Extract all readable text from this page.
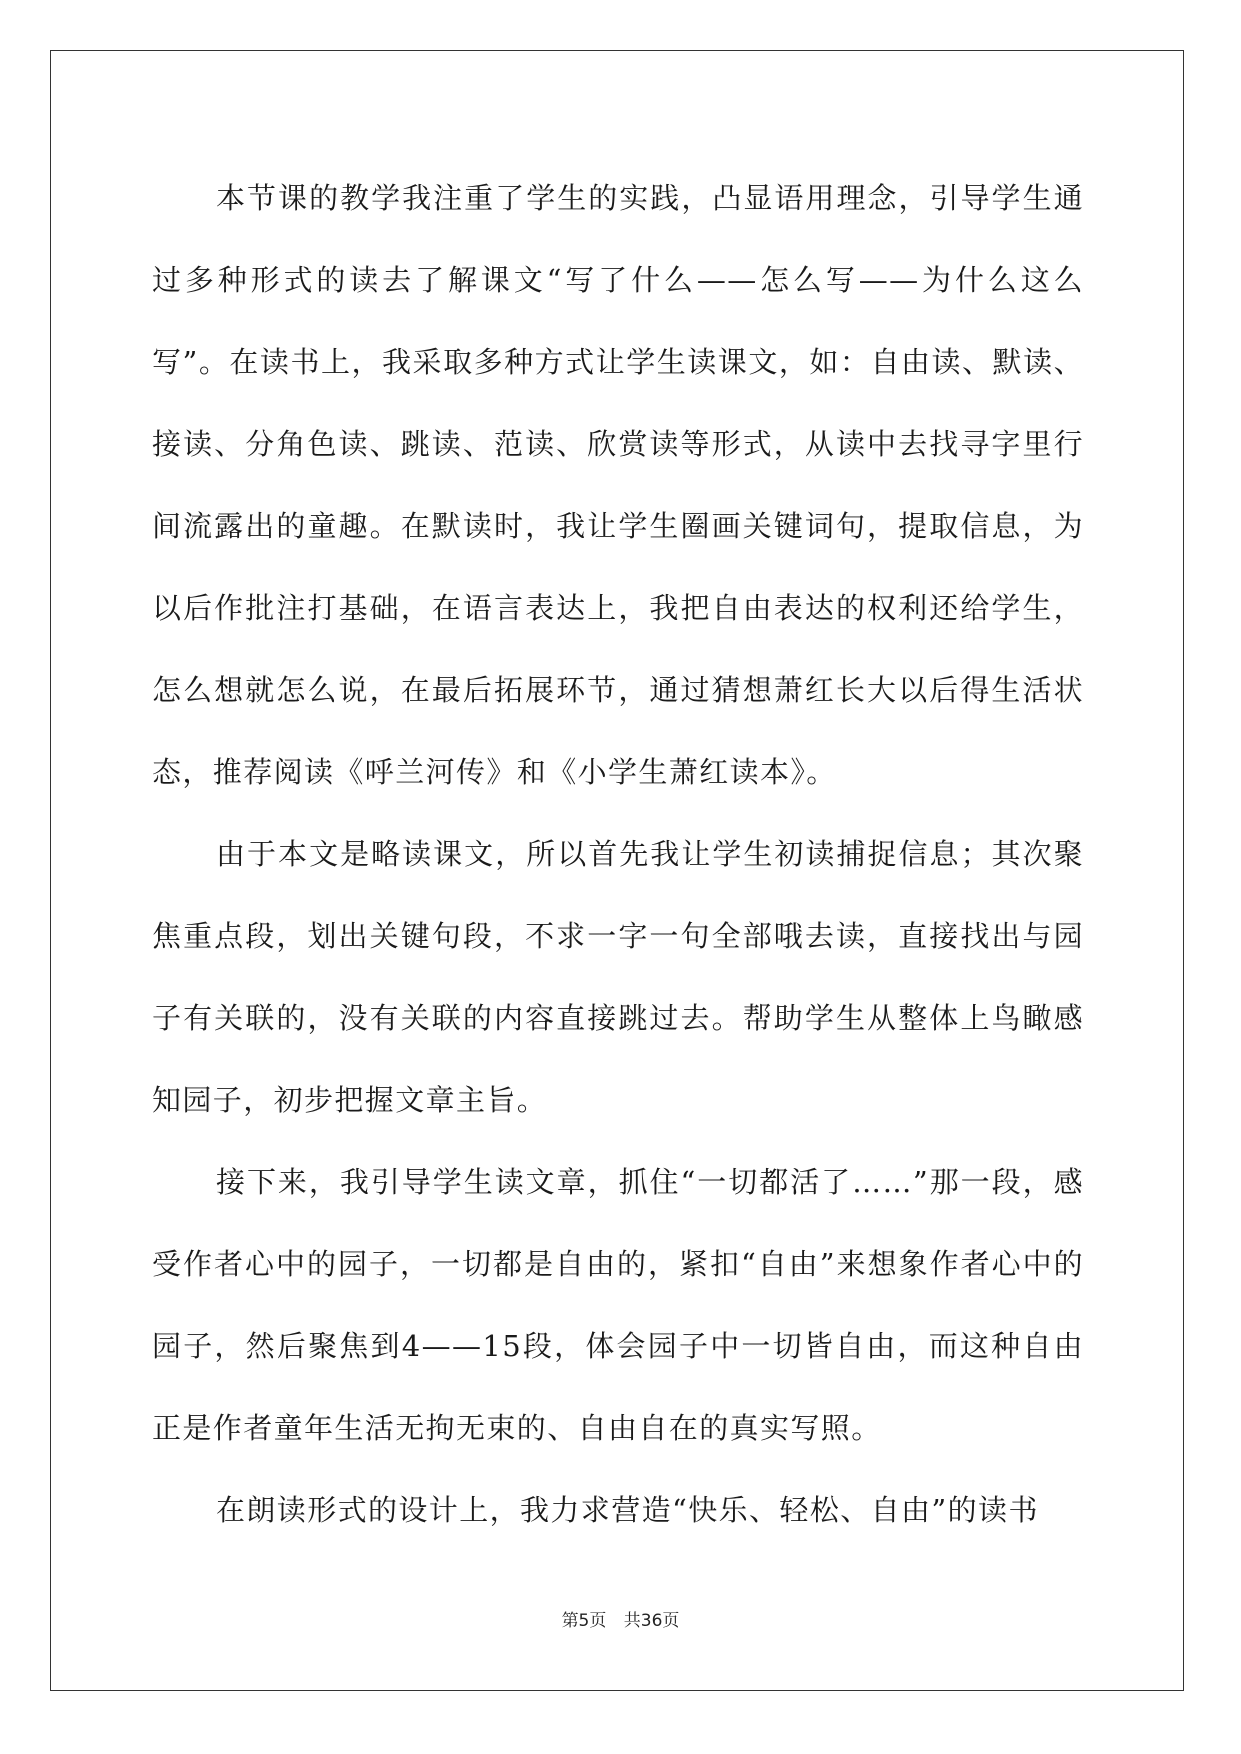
本节课的教学我注重了学生的实践，凸显语用理念，引导学生通过多种形式的读去了解课文“写了什么——怎么写——为什么这么写”。在读书上，我采取多种方式让学生读课文，如：自由读、默读、接读、分角色读、跳读、范读、欣赏读等形式，从读中去找寻字里行间流露出的童趣。在默读时，我让学生圈画关键词句，提取信息，为以后作批注打基础，在语言表达上，我把自由表达的权利还给学生，怎么想就怎么说，在最后拓展环节，通过猜想萧红长大以后得生活状态，推荐阅读《呼兰河传》和《小学生萧红读本》。

由于本文是略读课文，所以首先我让学生初读捕捉信息；其次聚焦重点段，划出关键句段，不求一字一句全部哦去读，直接找出与园子有关联的，没有关联的内容直接跳过去。帮助学生从整体上鸟瞰感知园子，初步把握文章主旨。

接下来，我引导学生读文章，抓住“一切都活了……”那一段，感受作者心中的园子，一切都是自由的，紧扣“自由”来想象作者心中的园子，然后聚焦到4——15段，体会园子中一切皆自由，而这种自由正是作者童年生活无拘无束的、自由自在的真实写照。

在朗读形式的设计上，我力求营造“快乐、轻松、自由”的读书

第5页 共36页
